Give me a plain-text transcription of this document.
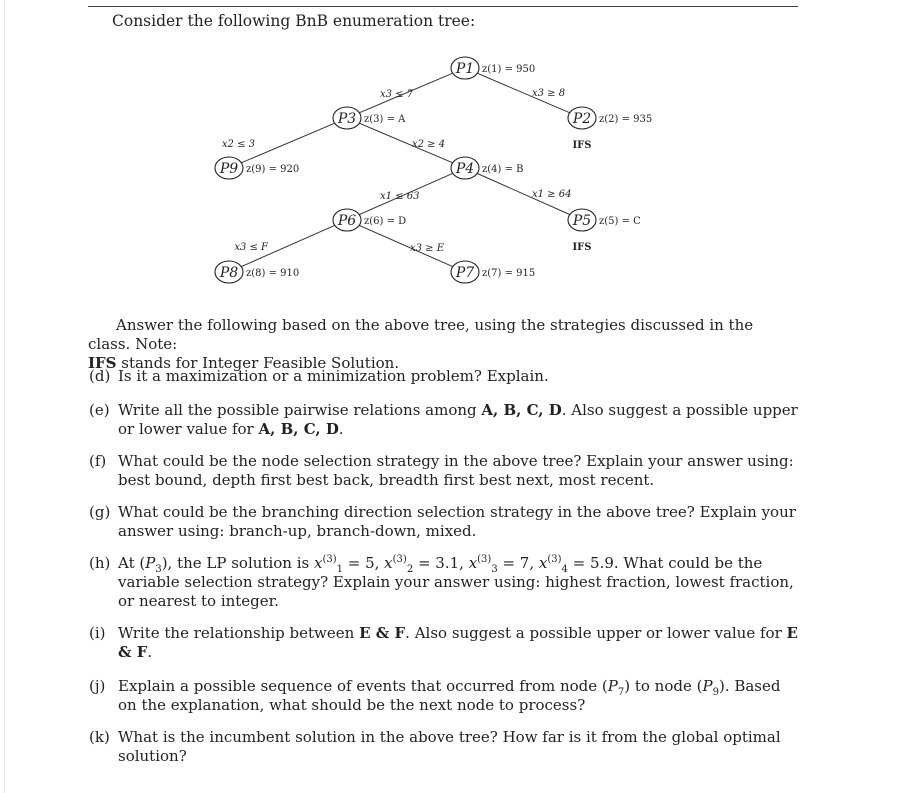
Consider the following BnB enumeration tree:
x3 ≤ 7	x3 ≥ 8
x2 ≤ 3	x2 ≥ 4
x1 ≤ 63	x1 ≥ 64
x3 ≤ F	x3 ≥ E
P1 z(1) = 950
P2 z(2) = 935
IFS
P3 z(3) = A
P4 z(4) = B
P5 z(5) = C
IFS
P6 z(6) = D
P7 z(7) = 915
P8 z(8) = 910
P9 z(9) = 920
Answer the following based on the above tree, using the strategies discussed in the class. Note:
IFS stands for Integer Feasible Solution.
(d) Is it a maximization or a minimization problem? Explain.
(e) Write all the possible pairwise relations among A, B, C, D. Also suggest a possible upper or lower value for A, B, C, D.
(f) What could be the node selection strategy in the above tree? Explain your answer using: best bound, depth first best back, breadth first best next, most recent.
(g) What could be the branching direction selection strategy in the above tree? Explain your answer using: branch-up, branch-down, mixed.
(h) At $(P_3)$, the LP solution is $x^{(3)}_1 = 5$, $x^{(3)}_2 = 3.1$, $x^{(3)}_3 = 7$, $x^{(3)}_4 = 5.9$. What could be the variable selection strategy? Explain your answer using: highest fraction, lowest fraction, or nearest to integer.
(i) Write the relationship between E & F. Also suggest a possible upper or lower value for E & F.
(j) Explain a possible sequence of events that occurred from node $(P_7)$ to node $(P_9)$. Based on the explanation, what should be the next node to process?
(k) What is the incumbent solution in the above tree? How far is it from the global optimal solution?
